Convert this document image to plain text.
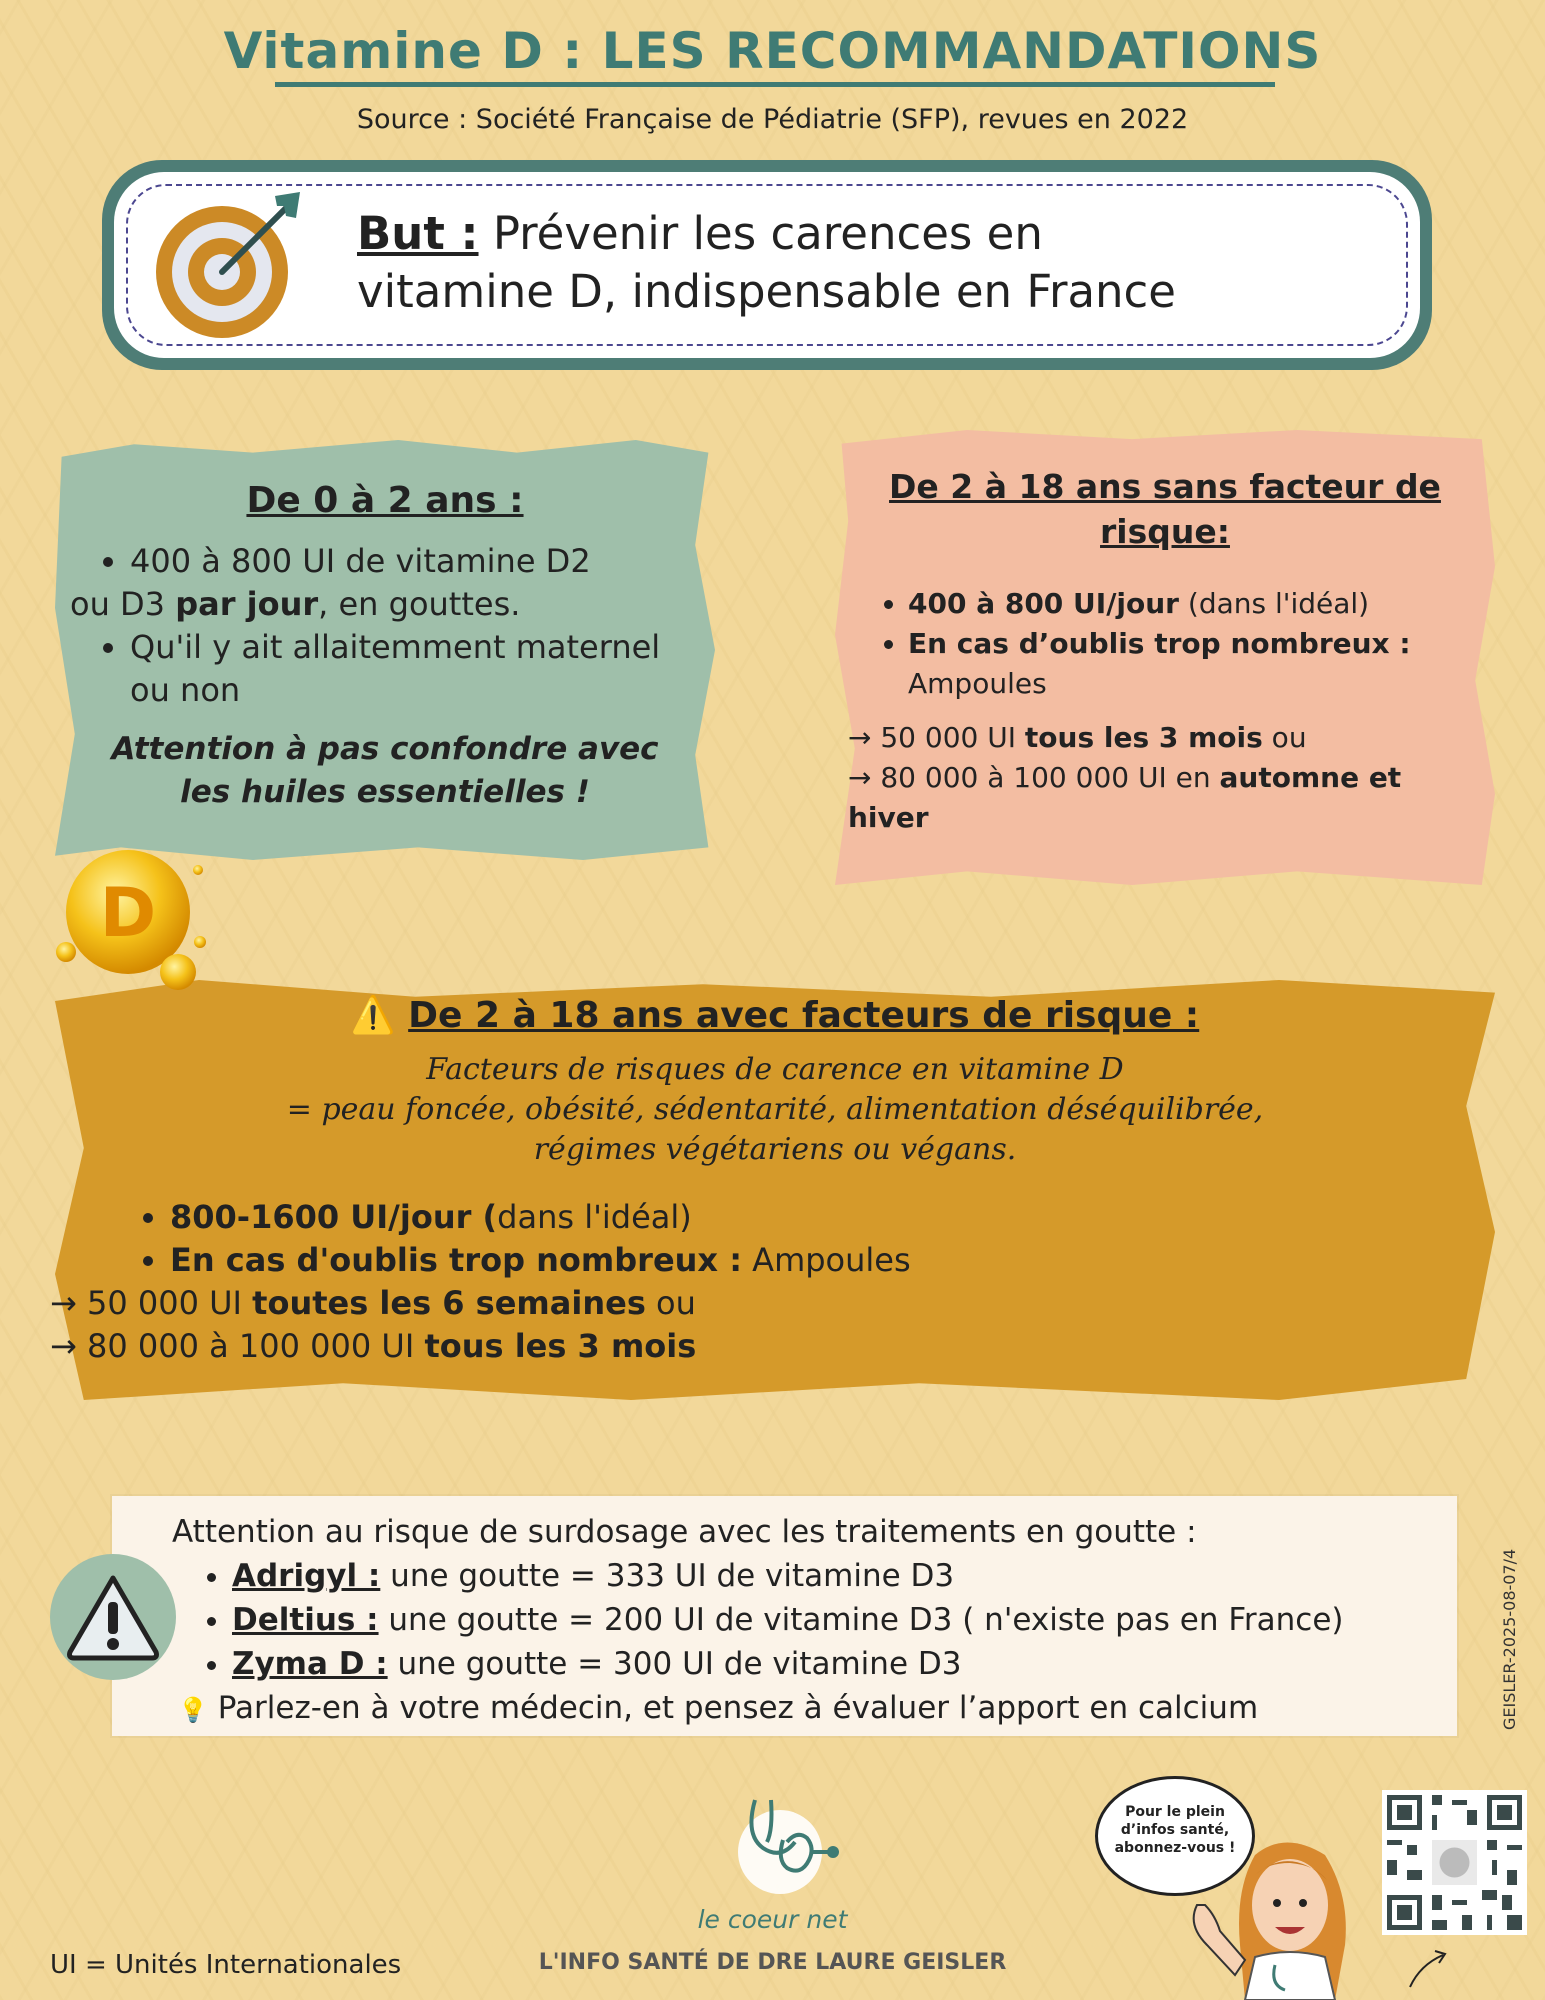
Vitamine D : LES RECOMMANDATIONS
Source : Société Française de Pédiatrie (SFP), revues en 2022
But : Prévenir les carences en
vitamine D, indispensable en France
De 0 à 2 ans :
• 400 à 800 UI de vitamine D2
ou D3 par jour, en gouttes.
• Qu'il y ait allaitemment maternel ou non
Attention à pas confondre avec les huiles essentielles !
De 2 à 18 ans sans facteur de risque:
• 400 à 800 UI/jour (dans l'idéal)
• En cas d’oublis trop nombreux :
Ampoules
→ 50 000 UI tous les 3 mois ou
→ 80 000 à 100 000 UI en automne et hiver
D
⚠️ De 2 à 18 ans avec facteurs de risque :
Facteurs de risques de carence en vitamine D
= peau foncée, obésité, sédentarité, alimentation déséquilibrée,
régimes végétariens ou végans.
• 800-1600 UI/jour (dans l'idéal)
• En cas d'oublis trop nombreux : Ampoules
→ 50 000 UI toutes les 6 semaines ou
→ 80 000 à 100 000 UI tous les 3 mois
Attention au risque de surdosage avec les traitements en goutte :
• Adrigyl : une goutte = 333 UI de vitamine D3
• Deltius : une goutte = 200 UI de vitamine D3 ( n'existe pas en France)
• Zyma D : une goutte = 300 UI de vitamine D3
💡 Parlez-en à votre médecin, et pensez à évaluer l’apport en calcium	GEISLER-2025-08-07/4
le coeur net
L'INFO SANTÉ DE DRE LAURE GEISLER
UI = Unités Internationales
Pour le plein
d’infos santé,
abonnez-vous !
